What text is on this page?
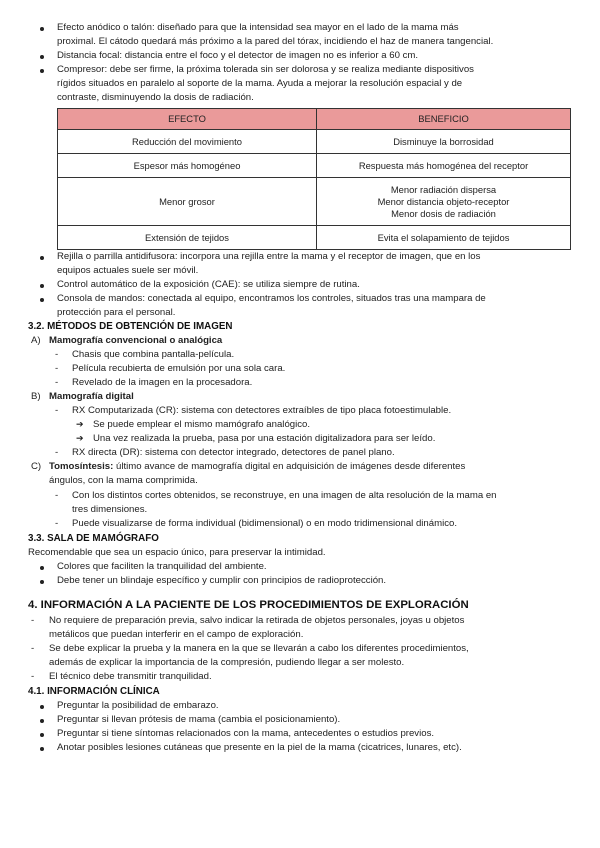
Efecto anódico o talón: diseñado para que la intensidad sea mayor en el lado de la mama más
proximal. El cátodo quedará más próximo a la pared del tórax, incidiendo el haz de manera tangencial.
Distancia focal: distancia entre el foco y el detector de imagen no es inferior a 60 cm.
Compresor: debe ser firme, la próxima tolerada sin ser dolorosa y se realiza mediante dispositivos
rígidos situados en paralelo al soporte de la mama. Ayuda a mejorar la resolución espacial y de
contraste, disminuyendo la dosis de radiación.
EFECTO	BENEFICIO
Reducción del movimiento	Disminuye la borrosidad
Espesor más homogéneo	Respuesta más homogénea del receptor
Menor grosor	Menor radiación dispersa
Menor distancia objeto-receptor
Menor dosis de radiación

Extensión de tejidos	Evita el solapamiento de tejidos
Rejilla o parrilla antidifusora: incorpora una rejilla entre la mama y el receptor de imagen, que en los
equipos actuales suele ser móvil.
Control automático de la exposición (CAE): se utiliza siempre de rutina.
Consola de mandos: conectada al equipo, encontramos los controles, situados tras una mampara de
protección para el personal.
3.2. MÉTODOS DE OBTENCIÓN DE IMAGEN
A) Mamografía convencional o analógica
- Chasis que combina pantalla-película.
- Película recubierta de emulsión por una sola cara.
- Revelado de la imagen en la procesadora.
B) Mamografía digital
- RX Computarizada (CR): sistema con detectores extraíbles de tipo placa fotoestimulable.
➔ Se puede emplear el mismo mamógrafo analógico.
➔ Una vez realizada la prueba, pasa por una estación digitalizadora para ser leído.
- RX directa (DR): sistema con detector integrado, detectores de panel plano.
C) Tomosíntesis: último avance de mamografía digital en adquisición de imágenes desde diferentes
ángulos, con la mama comprimida.
- Con los distintos cortes obtenidos, se reconstruye, en una imagen de alta resolución de la mama en
tres dimensiones.
- Puede visualizarse de forma individual (bidimensional) o en modo tridimensional dinámico.
3.3. SALA DE MAMÓGRAFO
Recomendable que sea un espacio único, para preservar la intimidad.
Colores que faciliten la tranquilidad del ambiente.
Debe tener un blindaje específico y cumplir con principios de radioprotección.
4. INFORMACIÓN A LA PACIENTE DE LOS PROCEDIMIENTOS DE EXPLORACIÓN
- No requiere de preparación previa, salvo indicar la retirada de objetos personales, joyas u objetos
metálicos que puedan interferir en el campo de exploración.
- Se debe explicar la prueba y la manera en la que se llevarán a cabo los diferentes procedimientos,
además de explicar la importancia de la compresión, pudiendo llegar a ser molesto.
- El técnico debe transmitir tranquilidad.
4.1. INFORMACIÓN CLÍNICA
Preguntar la posibilidad de embarazo.
Preguntar si llevan prótesis de mama (cambia el posicionamiento).
Preguntar si tiene síntomas relacionados con la mama, antecedentes o estudios previos.
Anotar posibles lesiones cutáneas que presente en la piel de la mama (cicatrices, lunares, etc).
